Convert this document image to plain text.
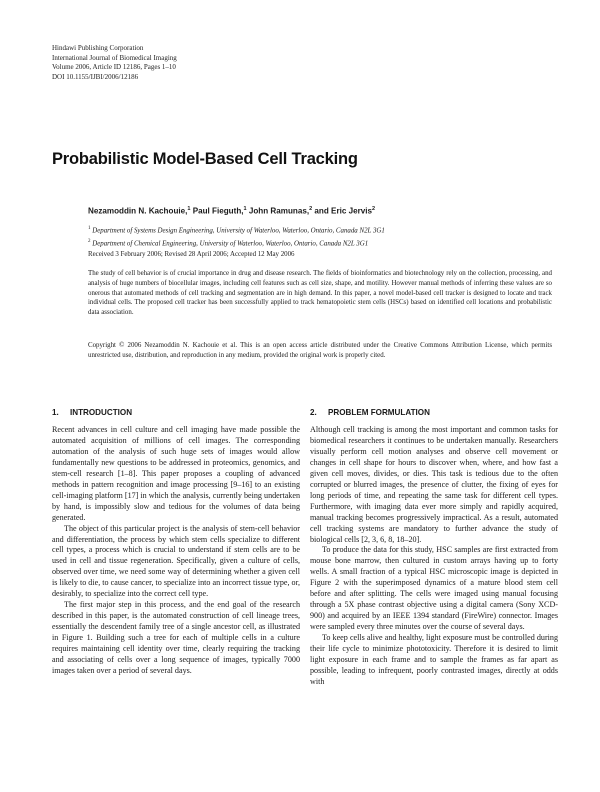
Hindawi Publishing Corporation
International Journal of Biomedical Imaging
Volume 2006, Article ID 12186, Pages 1–10
DOI 10.1155/IJBI/2006/12186
Probabilistic Model-Based Cell Tracking
Nezamoddin N. Kachouie,$^1$ Paul Fieguth,$^1$ John Ramunas,$^2$ and Eric Jervis$^2$
$^1$ Department of Systems Design Engineering, University of Waterloo, Waterloo, Ontario, Canada N2L 3G1
$^2$ Department of Chemical Engineering, University of Waterloo, Waterloo, Ontario, Canada N2L 3G1
Received 3 February 2006; Revised 28 April 2006; Accepted 12 May 2006

The study of cell behavior is of crucial importance in drug and disease research. The fields of bioinformatics and biotechnology rely on the collection, processing, and analysis of huge numbers of biocellular images, including cell features such as cell size, shape, and motility. However manual methods of inferring these values are so onerous that automated methods of cell tracking and segmentation are in high demand. In this paper, a novel model-based cell tracker is designed to locate and track individual cells. The proposed cell tracker has been successfully applied to track hematopoietic stem cells (HSCs) based on identified cell locations and probabilistic data association.

Copyright © 2006 Nezamoddin N. Kachouie et al. This is an open access article distributed under the Creative Commons Attribution License, which permits unrestricted use, distribution, and reproduction in any medium, provided the original work is properly cited.

1. INTRODUCTION

Recent advances in cell culture and cell imaging have made possible the automated acquisition of millions of cell images. The corresponding automation of the analysis of such huge sets of images would allow fundamentally new questions to be addressed in proteomics, genomics, and stem-cell research [1–8]. This paper proposes a coupling of advanced methods in pattern recognition and image processing [9–16] to an existing cell-imaging platform [17] in which the analysis, currently being undertaken by hand, is impossibly slow and tedious for the volumes of data being generated.

The object of this particular project is the analysis of stem-cell behavior and differentiation, the process by which stem cells specialize to different cell types, a process which is crucial to understand if stem cells are to be used in cell and tissue regeneration. Specifically, given a culture of cells, observed over time, we need some way of determining whether a given cell is likely to die, to cause cancer, to specialize into an incorrect tissue type, or, desirably, to specialize into the correct cell type.

The first major step in this process, and the end goal of the research described in this paper, is the automated construction of cell lineage trees, essentially the descendent family tree of a single ancestor cell, as illustrated in Figure 1. Building such a tree for each of multiple cells in a culture requires maintaining cell identity over time, clearly requiring the tracking and associating of cells over a long sequence of images, typically 7000 images taken over a period of several days.

2. PROBLEM FORMULATION

Although cell tracking is among the most important and common tasks for biomedical researchers it continues to be undertaken manually. Researchers visually perform cell motion analyses and observe cell movement or changes in cell shape for hours to discover when, where, and how fast a given cell moves, divides, or dies. This task is tedious due to the often corrupted or blurred images, the presence of clutter, the fixing of eyes for long periods of time, and repeating the same task for different cell types. Furthermore, with imaging data ever more simply and rapidly acquired, manual tracking becomes progressively impractical. As a result, automated cell tracking systems are mandatory to further advance the study of biological cells [2, 3, 6, 8, 18–20].

To produce the data for this study, HSC samples are first extracted from mouse bone marrow, then cultured in custom arrays having up to forty wells. A small fraction of a typical HSC microscopic image is depicted in Figure 2 with the superimposed dynamics of a mature blood stem cell before and after splitting. The cells were imaged using manual focusing through a 5X phase contrast objective using a digital camera (Sony XCD-900) and acquired by an IEEE 1394 standard (FireWire) connector. Images were sampled every three minutes over the course of several days.

To keep cells alive and healthy, light exposure must be controlled during their life cycle to minimize phototoxicity. Therefore it is desired to limit light exposure in each frame and to sample the frames as far apart as possible, leading to infrequent, poorly contrasted images, directly at odds with
